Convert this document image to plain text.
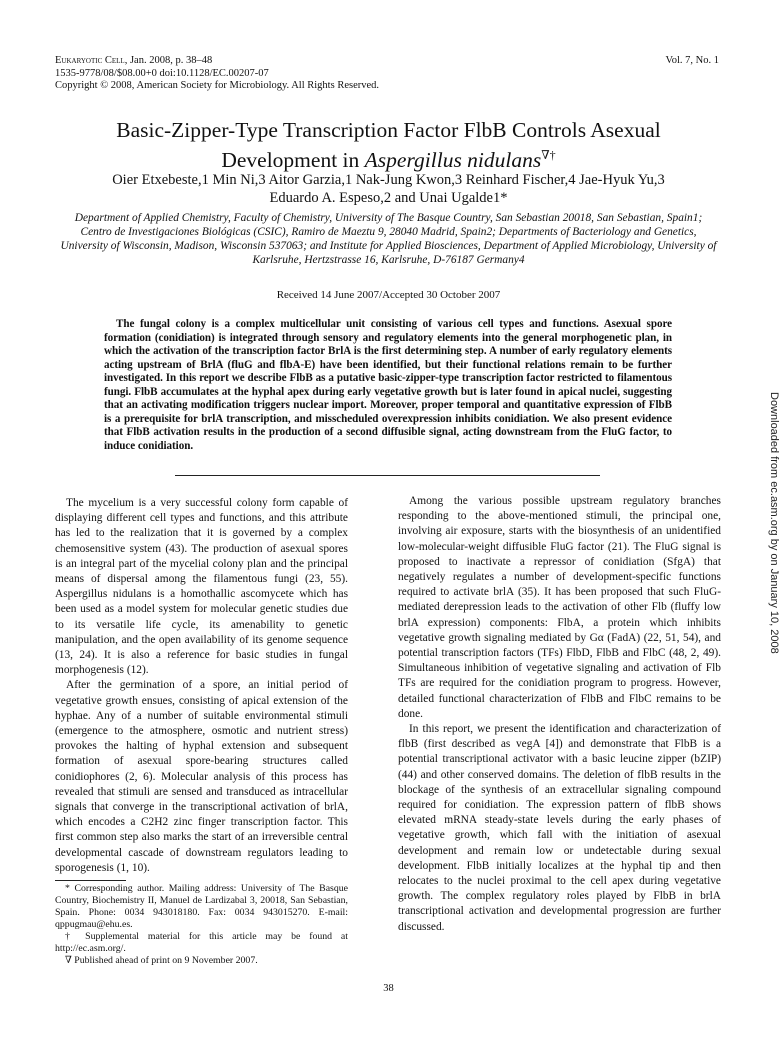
Eukaryotic Cell, Jan. 2008, p. 38–48
1535-9778/08/$08.00+0 doi:10.1128/EC.00207-07
Copyright © 2008, American Society for Microbiology. All Rights Reserved.
Vol. 7, No. 1
Basic-Zipper-Type Transcription Factor FlbB Controls Asexual
Development in Aspergillus nidulans∇†
Oier Etxebeste,1 Min Ni,3 Aitor Garzia,1 Nak-Jung Kwon,3 Reinhard Fischer,4 Jae-Hyuk Yu,3
Eduardo A. Espeso,2 and Unai Ugalde1*
Department of Applied Chemistry, Faculty of Chemistry, University of The Basque Country, San Sebastian 20018, San Sebastian, Spain1; Centro de Investigaciones Biológicas (CSIC), Ramiro de Maeztu 9, 28040 Madrid, Spain2; Departments of Bacteriology and Genetics, University of Wisconsin, Madison, Wisconsin 537063; and Institute for Applied Biosciences, Department of Applied Microbiology, University of Karlsruhe, Hertzstrasse 16, Karlsruhe, D-76187 Germany4
Received 14 June 2007/Accepted 30 October 2007
The fungal colony is a complex multicellular unit consisting of various cell types and functions. Asexual spore formation (conidiation) is integrated through sensory and regulatory elements into the general morphogenetic plan, in which the activation of the transcription factor BrlA is the first determining step. A number of early regulatory elements acting upstream of BrlA (fluG and flbA-E) have been identified, but their functional relations remain to be further investigated. In this report we describe FlbB as a putative basic-zipper-type transcription factor restricted to filamentous fungi. FlbB accumulates at the hyphal apex during early vegetative growth but is later found in apical nuclei, suggesting that an activating modification triggers nuclear import. Moreover, proper temporal and quantitative expression of FlbB is a prerequisite for brlA transcription, and misscheduled overexpression inhibits conidiation. We also present evidence that FlbB activation results in the production of a second diffusible signal, acting downstream from the FluG factor, to induce conidiation.	Downloaded from ec.asm.org by on January 10, 2008

The mycelium is a very successful colony form capable of displaying different cell types and functions, and this attribute has led to the realization that it is governed by a complex chemosensitive system (43). The production of asexual spores is an integral part of the mycelial colony plan and the principal means of dispersal among the filamentous fungi (23, 55). Aspergillus nidulans is a homothallic ascomycete which has been used as a model system for molecular genetic studies due to its versatile life cycle, its amenability to genetic manipulation, and the open availability of its genome sequence (13, 24). It is also a reference for basic studies in fungal morphogenesis (12).

After the germination of a spore, an initial period of vegetative growth ensues, consisting of apical extension of the hyphae. Any of a number of suitable environmental stimuli (emergence to the atmosphere, osmotic and nutrient stress) provokes the halting of hyphal extension and subsequent formation of asexual spore-bearing structures called conidiophores (2, 6). Molecular analysis of this process has revealed that stimuli are sensed and transduced as intracellular signals that converge in the transcriptional activation of brlA, which encodes a C2H2 zinc finger transcription factor. This first common step also marks the start of an irreversible central developmental cascade of downstream regulators leading to sporogenesis (1, 10).

Among the various possible upstream regulatory branches responding to the above-mentioned stimuli, the principal one, involving air exposure, starts with the biosynthesis of an unidentified low-molecular-weight diffusible FluG factor (21). The FluG signal is proposed to inactivate a repressor of conidiation (SfgA) that negatively regulates a number of development-specific functions required to activate brlA (35). It has been proposed that such FluG-mediated derepression leads to the activation of other Flb (fluffy low brlA expression) components: FlbA, a protein which inhibits vegetative growth signaling mediated by Gα (FadA) (22, 51, 54), and potential transcription factors (TFs) FlbD, FlbB and FlbC (48, 2, 49). Simultaneous inhibition of vegetative signaling and activation of Flb TFs are required for the conidiation program to progress. However, detailed functional characterization of FlbB and FlbC remains to be done.

In this report, we present the identification and characterization of flbB (first described as vegA [4]) and demonstrate that FlbB is a potential transcriptional activator with a basic leucine zipper (bZIP) (44) and other conserved domains. The deletion of flbB results in the blockage of the synthesis of an extracellular signaling compound required for conidiation. The expression pattern of flbB shows elevated mRNA steady-state levels during the early phases of vegetative growth, which fall with the initiation of asexual development and remain low or undetectable during sexual development. FlbB initially localizes at the hyphal tip and then relocates to the nuclei proximal to the cell apex during vegetative growth. The complex regulatory roles played by FlbB in brlA transcriptional activation and developmental progression are further discussed.

* Corresponding author. Mailing address: University of The Basque Country, Biochemistry II, Manuel de Lardizabal 3, 20018, San Sebastian, Spain. Phone: 0034 943018180. Fax: 0034 943015270. E-mail: qppugmau@ehu.es.

† Supplemental material for this article may be found at http://ec.asm.org/.

∇ Published ahead of print on 9 November 2007.

38
